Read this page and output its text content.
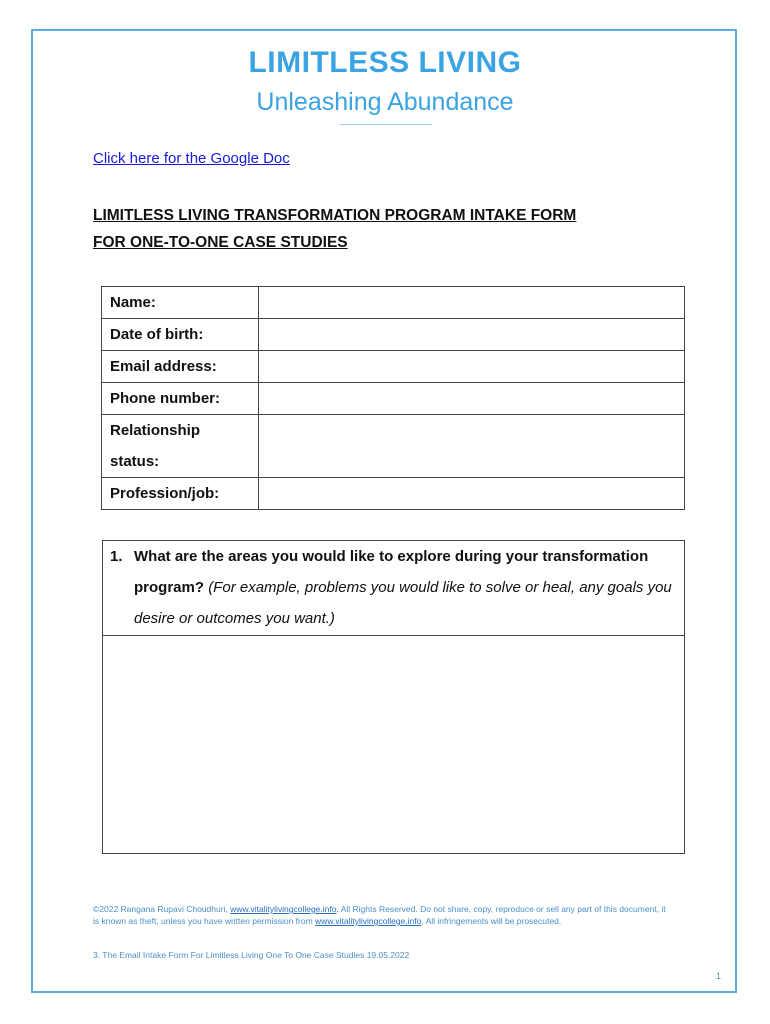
LIMITLESS LIVING
Unleashing Abundance
Click here for the Google Doc
LIMITLESS LIVING TRANSFORMATION PROGRAM INTAKE FORM
FOR ONE-TO-ONE CASE STUDIES
Name:	
Date of birth:	
Email address:	
Phone number:	

Relationship
status:	

Profession/job:	
1. What are the areas you would like to explore during your transformation program? (For example, problems you would like to solve or heal, any goals you desire or outcomes you want.)
©2022 Rangana Rupavi Choudhuri, www.vitalitylivingcollege.info. All Rights Reserved. Do not share, copy, reproduce or sell any part of this document, it is known as theft, unless you have written permission from www.vitalitylivingcollege.info. All infringements will be prosecuted.
3. The Email Intake Form For Limitless Living One To One Case Studies 19.05.2022
1
